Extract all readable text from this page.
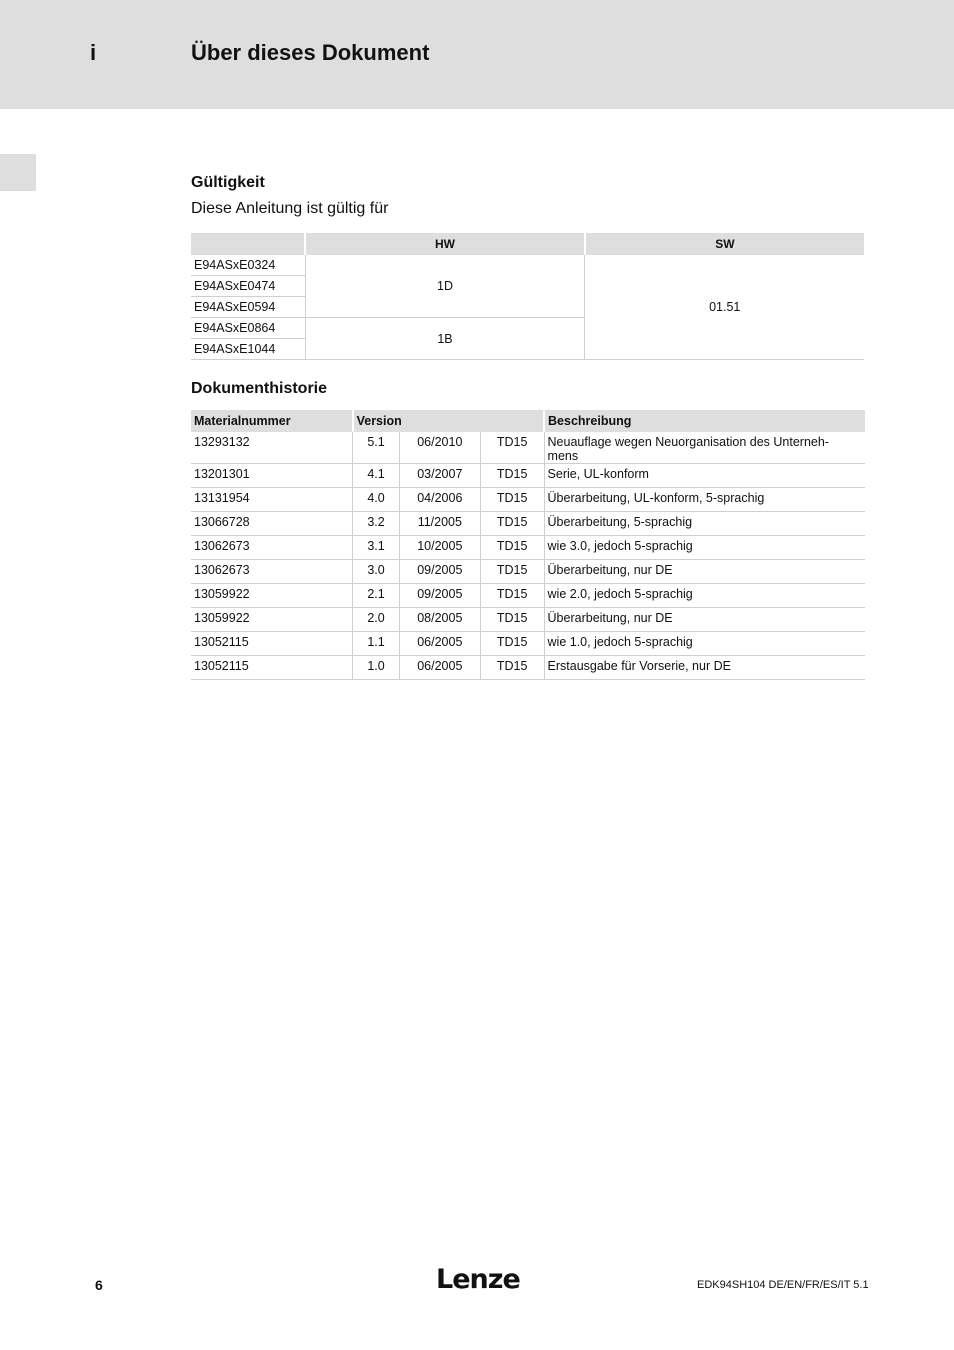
i	Über dieses Dokument
Gültigkeit
Diese Anleitung ist gültig für
	HW	SW
E94ASxE0324	1D	01.51
E94ASxE0474		
E94ASxE0594		
E94ASxE0864	1B	
E94ASxE1044		
Dokumenthistorie
Materialnummer	Version			Beschreibung
13293132	5.1	06/2010	TD15	Neuauflage wegen Neuorganisation des Unterneh-
mens
13201301	4.1	03/2007	TD15	Serie, UL-konform
13131954	4.0	04/2006	TD15	Überarbeitung, UL-konform, 5-sprachig
13066728	3.2	11/2005	TD15	Überarbeitung, 5-sprachig
13062673	3.1	10/2005	TD15	wie 3.0, jedoch 5-sprachig
13062673	3.0	09/2005	TD15	Überarbeitung, nur DE
13059922	2.1	09/2005	TD15	wie 2.0, jedoch 5-sprachig
13059922	2.0	08/2005	TD15	Überarbeitung, nur DE
13052115	1.1	06/2005	TD15	wie 1.0, jedoch 5-sprachig
13052115	1.0	06/2005	TD15	Erstausgabe für Vorserie, nur DE
6	Lenze	EDK94SH104 DE/EN/FR/ES/IT 5.1
